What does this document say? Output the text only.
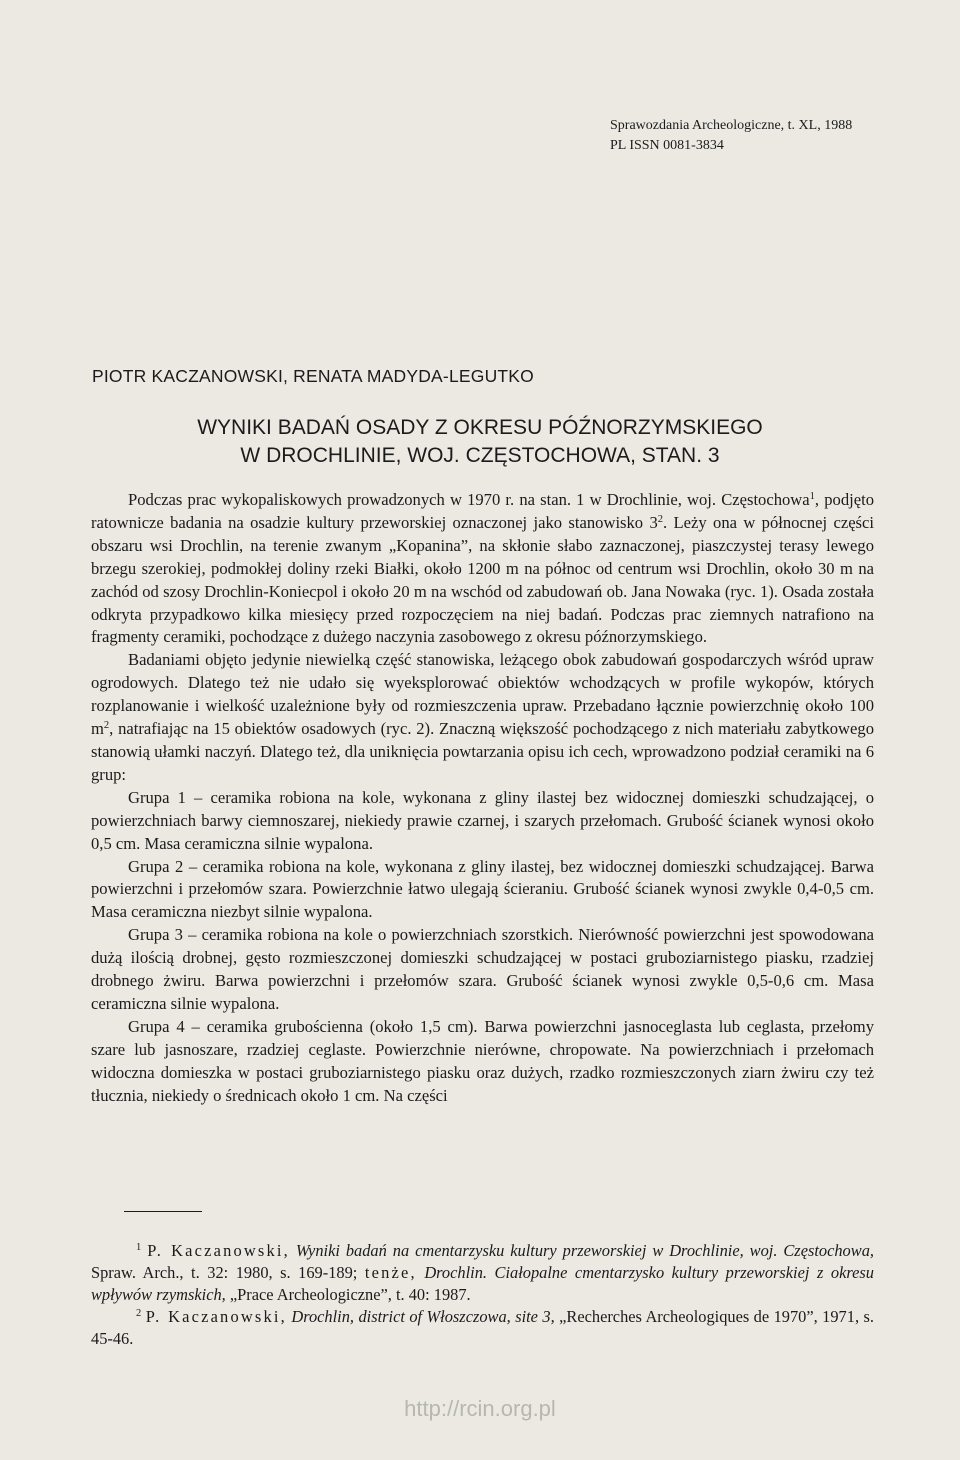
Sprawozdania Archeologiczne, t. XL, 1988
PL ISSN 0081-3834
PIOTR KACZANOWSKI, RENATA MADYDA-LEGUTKO
WYNIKI BADAŃ OSADY Z OKRESU PÓŹNORZYMSKIEGO
W DROCHLINIE, WOJ. CZĘSTOCHOWA, STAN. 3

Podczas prac wykopaliskowych prowadzonych w 1970 r. na stan. 1 w Drochlinie, woj. Częstochowa$^1$, podjęto ratownicze badania na osadzie kultury przeworskiej oznaczonej jako stanowisko $3^2$. Leży ona w północnej części obszaru wsi Drochlin, na terenie zwanym „Kopanina”, na skłonie słabo zaznaczonej, piaszczystej terasy lewego brzegu szerokiej, podmokłej doliny rzeki Białki, około 1200 m na północ od centrum wsi Drochlin, około 30 m na zachód od szosy Drochlin-Koniecpol i około 20 m na wschód od zabudowań ob. Jana Nowaka (ryc. 1). Osada została odkryta przypadkowo kilka miesięcy przed rozpoczęciem na niej badań. Podczas prac ziemnych natrafiono na fragmenty ceramiki, pochodzące z dużego naczynia zasobowego z okresu późnorzymskiego.

Badaniami objęto jedynie niewielką część stanowiska, leżącego obok zabudowań gospodarczych wśród upraw ogrodowych. Dlatego też nie udało się wyeksplorować obiektów wchodzących w profile wykopów, których rozplanowanie i wielkość uzależnione były od rozmieszczenia upraw. Przebadano łącznie powierzchnię około 100 $m^2$, natrafiając na 15 obiektów osadowych (ryc. 2). Znaczną większość pochodzącego z nich materiału zabytkowego stanowią ułamki naczyń. Dlatego też, dla uniknięcia powtarzania opisu ich cech, wprowadzono podział ceramiki na 6 grup:

Grupa 1 – ceramika robiona na kole, wykonana z gliny ilastej bez widocznej domieszki schudzającej, o powierzchniach barwy ciemnoszarej, niekiedy prawie czarnej, i szarych przełomach. Grubość ścianek wynosi około 0,5 cm. Masa ceramiczna silnie wypalona.

Grupa 2 – ceramika robiona na kole, wykonana z gliny ilastej, bez widocznej domieszki schudzającej. Barwa powierzchni i przełomów szara. Powierzchnie łatwo ulegają ścieraniu. Grubość ścianek wynosi zwykle 0,4-0,5 cm. Masa ceramiczna niezbyt silnie wypalona.

Grupa 3 – ceramika robiona na kole o powierzchniach szorstkich. Nierówność powierzchni jest spowodowana dużą ilością drobnej, gęsto rozmieszczonej domieszki schudzającej w postaci gruboziarnistego piasku, rzadziej drobnego żwiru. Barwa powierzchni i przełomów szara. Grubość ścianek wynosi zwykle 0,5-0,6 cm. Masa ceramiczna silnie wypalona.

Grupa 4 – ceramika grubościenna (około 1,5 cm). Barwa powierzchni jasnoceglasta lub ceglasta, przełomy szare lub jasnoszare, rzadziej ceglaste. Powierzchnie nierówne, chropowate. Na powierzchniach i przełomach widoczna domieszka w postaci gruboziarnistego piasku oraz dużych, rzadko rozmieszczonych ziarn żwiru czy też tłucznia, niekiedy o średnicach około 1 cm. Na części

$^1$ P. Kaczanowski, Wyniki badań na cmentarzysku kultury przeworskiej w Drochlinie, woj. Częstochowa, Spraw. Arch., t. 32: 1980, s. 169-189; tenże, Drochlin. Ciałopalne cmentarzysko kultury przeworskiej z okresu wpływów rzymskich, „Prace Archeologiczne”, t. 40: 1987.

$^2$ P. Kaczanowski, Drochlin, district of Włoszczowa, site 3, „Recherches Archeologiques de 1970”, 1971, s. 45-46.

http://rcin.org.pl
